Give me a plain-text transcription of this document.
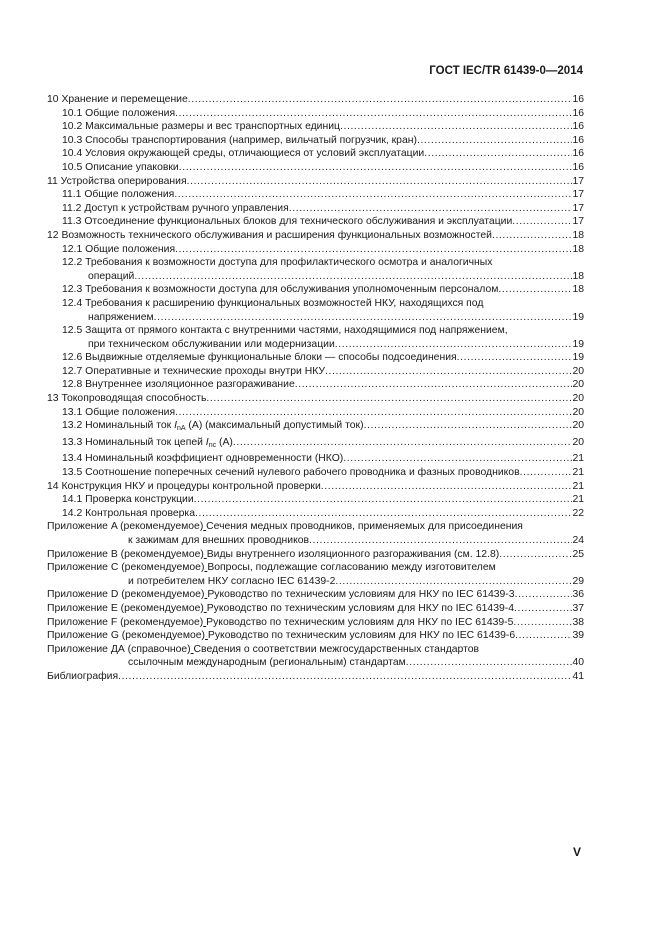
ГОСТ IEC/TR 61439-0—2014
10 Хранение и перемещение .....	16
10.1 Общие положения .....	16
10.2 Максимальные размеры и вес транспортных единиц .....	16
10.3 Способы транспортирования (например, вильчатый погрузчик, кран) .....	16
10.4 Условия окружающей среды, отличающиеся от условий эксплуатации .....	16
10.5 Описание упаковки .....	16
11 Устройства оперирования .....	17
11.1 Общие положения .....	17
11.2 Доступ к устройствам ручного управления .....	17
11.3 Отсоединение функциональных блоков для технического обслуживания и эксплуатации .....	17
12 Возможность технического обслуживания и расширения функциональных возможностей .....	18
12.1 Общие положения .....	18
12.2 Требования к возможности доступа для профилактического осмотра и аналогичных
операций .....	18
12.3 Требования к возможности доступа для обслуживания уполномоченным персоналом .....	18
12.4 Требования к расширению функциональных возможностей НКУ, находящихся под
напряжением .....	19
12.5 Защита от прямого контакта с внутренними частями, находящимися под напряжением,
при техническом обслуживании или модернизации .....	19
12.6 Выдвижные отделяемые функциональные блоки — способы подсоединения .....	19
12.7 Оперативные и технические проходы внутри НКУ .....	20
12.8 Внутреннее изоляционное разгораживание .....	20
13 Токопроводящая способность .....	20
13.1 Общие положения .....	20
13.2 Номинальный ток $I_{nA}$ (А) (максимальный допустимый ток) .....	20
13.3 Номинальный ток цепей $I_{nc}$ (А) .....	20
13.4 Номинальный коэффициент одновременности (НКО) .....	21
13.5 Соотношение поперечных сечений нулевого рабочего проводника и фазных проводников .....	21
14 Конструкция НКУ и процедуры контрольной проверки .....	21
14.1 Проверка конструкции .....	21
14.2 Контрольная проверка .....	22
Приложение A (рекомендуемое) Сечения медных проводников, применяемых для присоединения
к зажимам для внешних проводников .....	24
Приложение B (рекомендуемое) Виды внутреннего изоляционного разгораживания (см. 12.8) .....	25
Приложение C (рекомендуемое) Вопросы, подлежащие согласованию между изготовителем
и потребителем НКУ согласно IEC 61439-2 .....	29
Приложение D (рекомендуемое) Руководство по техническим условиям для НКУ по IEC 61439-3 .....	36
Приложение E (рекомендуемое) Руководство по техническим условиям для НКУ по IEC 61439-4 .....	37
Приложение F (рекомендуемое) Руководство по техническим условиям для НКУ по IEC 61439-5 .....	38
Приложение G (рекомендуемое) Руководство по техническим условиям для НКУ по IEC 61439-6 .....	39
Приложение ДА (справочное) Сведения о соответствии межгосударственных стандартов
ссылочным международным (региональным) стандартам .....	40
Библиография .....	41
V
